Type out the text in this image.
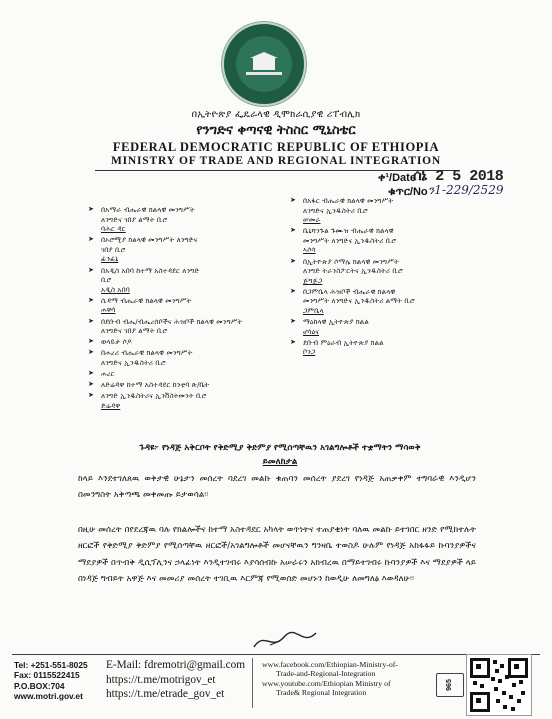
በኢትዮጵያ ፌዴራላዊ ዲሞክራሲያዊ ሪፐብሊክ
የንግድና ቀጣናዊ ትስስር ሚኒስቴር
FEDERAL DEMOCRATIC REPUBLIC OF ETHIOPIA
MINISTRY OF TRADE AND REGIONAL INTEGRATION
ቀ¹/Date
ሰኔ 2 5 2018
ቁጥር/No ን1-229/2529
➤ በአማራ ብሔራዊ ክልላዊ መንግሥት
ለንግድና ገበያ ልማት ቢሮ
ባሕር ዳር
➤ በኦሮሚያ ክልላዊ መንግሥት ለንግድና
ገበያ ቢሮ
ፊንፊኔ
➤ በአዲስ አበባ ከተማ አስተዳደር ለንግድ
ቢሮ
አዲስ አበባ
➤ ሲዳማ ብሔራዊ ክልላዊ መንግሥት
ሐዋሳ
➤ በደቡብ ብሔ/ብሔረሰቦችና ሕዝቦች ክልላዊ መንግሥት
ለንግድና ገበያ ልማት ቢሮ
➤ ወላይታ ሶዶ
➤ በሐረሪ ብሔራዊ ክልላዊ መንግሥት
ለንግድና ኢንዱስትሪ ቢሮ
➤ ሐረር
➤ ለድሬዳዋ ከተማ አስተዳደር ከንቲባ ጽ/ቤት
➤ ለንግድ ኢንዱስትሪና ኢንቨስትመንት ቢሮ
ድሬዳዋ
➤ በአፋር ብሔራዊ ክልላዊ መንግሥት
ለንግድና ኢንዱስትሪ ቢሮ
ሠመራ
➤ ቤኒሻንጉል ጉሙዝ ብሔራዊ ክልላዊ
መንግሥት ለንግድና ኢንዱስትሪ ቢሮ
ኣሶሳ
➤ በኢትዮጵያ ሶማሌ ክልላዊ መንግሥት
ለንግድ ትራንስፖርትና ኢንዱስትሪ ቢሮ
ጅግጅጋ
➤ በጋምቤላ ሕዝቦች ብሔራዊ ክልላዊ
መንግሥት ለንግድና ኢንዱስትሪ ልማት ቢሮ
ጋምቤላ
➤ ማዕከላዊ ኢትዮጵያ ክልል
ሆሳዕና
➤ ደቡብ ምዕራብ ኢትዮጵያ ክልል
ቦንጋ
ጉዳዩ፦ የነዳጅ አቅርቦት የቅድሚያ ቅድምያ የሚሰጣቸዉን አገልግሎቶች ተቋማትን ማሳወቅ
ይመለከታል
ከላይ እንደተገለጸዉ ወቅታዊ ሁኔታን መሰረት ባደረገ መልኩ ቁጠባን መሰረት ያደረገ የነዳጅ አጠቃቀም ተግባራዊ እንዲሆን በመንግስት አቅጣጫ መቀመጡ ይታወሳል፡፡
በዚሁ መሰረት በየደረጃዉ ባሉ የክልሎችና ከተማ አስተዳደር አካላት ወጥነትና ተጠያቂነት ባለዉ መልኩ ይተገበር ዘንድ የሚከተሉት ዘርፎች የቅድሚያ ቅድምያ የሚሰጣቸዉ ዘርፎች/አገልግሎቶች መሆናቸዉን ግንዛቤ ተወስዶ ሁሉም የነዳጅ አከፋፋይ ኩባንያዎችና ማደያዎች በጥብቅ ዲሲፕሊንና ኃላፊነት እንዲተገብሩ እያሳሰብኩ አሠራሩን አክብረዉ በማይተገብሩ ኩባንያዎች እና ማደያዎች ላይ በነዳጅ ግብይት አዋጅ እና መመሪያ መሰረት ተገቢዉ እርምጃ የሚወሰድ መሆኑን ከወዲሁ ለመግለፅ እወዳለሁ፡፡
Tel: +251-551-8025
Fax: 0115522415
P.O.BOX:704
www.motri.gov.et
E-Mail: fdremotri@gmail.com
https://t.me/motrigov_et
https://t.me/etrade_gov_et
www.facebook.com/Ethiopian-Ministry-of-
Trade-and-Regional-Integration
www.youtube.com/Ethiopian Ministry of
Trade& Regional Integration
965
